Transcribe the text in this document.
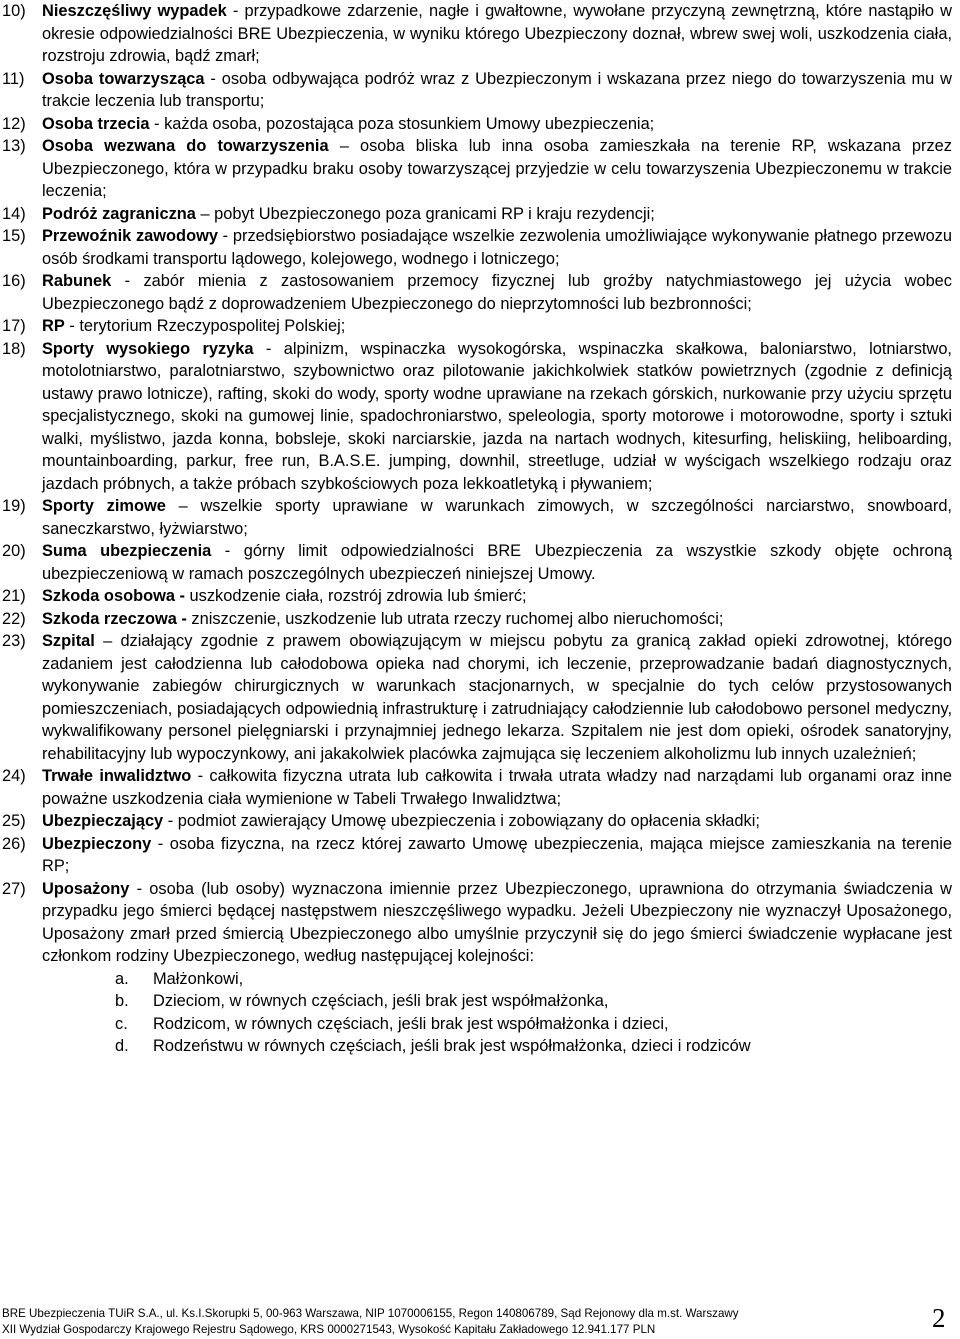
10) Nieszczęśliwy wypadek - przypadkowe zdarzenie, nagłe i gwałtowne, wywołane przyczyną zewnętrzną, które nastąpiło w okresie odpowiedzialności BRE Ubezpieczenia, w wyniku którego Ubezpieczony doznał, wbrew swej woli, uszkodzenia ciała, rozstroju zdrowia, bądź zmarł;
11)	Osoba towarzysząca - osoba odbywająca podróż wraz z Ubezpieczonym i wskazana przez niego do towarzyszenia mu w trakcie leczenia lub transportu;
12) Osoba trzecia - każda osoba, pozostająca poza stosunkiem Umowy ubezpieczenia;
13) Osoba wezwana do towarzyszenia – osoba bliska lub inna osoba zamieszkała na terenie RP, wskazana przez Ubezpieczonego, która w przypadku braku osoby towarzyszącej przyjedzie w celu towarzyszenia Ubezpieczonemu w trakcie leczenia;
14) Podróż zagraniczna – pobyt Ubezpieczonego poza granicami RP i kraju rezydencji;
15) Przewoźnik zawodowy - przedsiębiorstwo posiadające wszelkie zezwolenia umożliwiające wykonywanie płatnego przewozu osób środkami transportu lądowego, kolejowego, wodnego i lotniczego;
16) Rabunek - zabór mienia z zastosowaniem przemocy fizycznej lub groźby natychmiastowego jej użycia wobec Ubezpieczonego bądź z doprowadzeniem Ubezpieczonego do nieprzytomności lub bezbronności;
17) RP - terytorium Rzeczypospolitej Polskiej;
18) Sporty wysokiego ryzyka - alpinizm, wspinaczka wysokogórska, wspinaczka skałkowa, baloniarstwo, lotniarstwo, motolotniarstwo, paralotniarstwo, szybownictwo oraz pilotowanie jakichkolwiek statków powietrznych (zgodnie z definicją ustawy prawo lotnicze), rafting, skoki do wody, sporty wodne uprawiane na rzekach górskich, nurkowanie przy użyciu sprzętu specjalistycznego, skoki na gumowej linie, spadochroniarstwo, speleologia, sporty motorowe i motorowodne, sporty i sztuki walki, myślistwo, jazda konna, bobsleje, skoki narciarskie, jazda na nartach wodnych, kitesurfing, heliskiing, heliboarding, mountainboarding, parkur, free run, B.A.S.E. jumping, downhil, streetluge, udział w wyścigach wszelkiego rodzaju oraz jazdach próbnych, a także próbach szybkościowych poza lekkoatletyką i pływaniem;
19) Sporty zimowe – wszelkie sporty uprawiane w warunkach zimowych, w szczególności narciarstwo, snowboard, saneczkarstwo, łyżwiarstwo;
20) Suma ubezpieczenia - górny limit odpowiedzialności BRE Ubezpieczenia za wszystkie szkody objęte ochroną ubezpieczeniową w ramach poszczególnych ubezpieczeń niniejszej Umowy.
21) Szkoda osobowa - uszkodzenie ciała, rozstrój zdrowia lub śmierć;
22) Szkoda rzeczowa - zniszczenie, uszkodzenie lub utrata rzeczy ruchomej albo nieruchomości;
23) Szpital – działający zgodnie z prawem obowiązującym w miejscu pobytu za granicą zakład opieki zdrowotnej, którego zadaniem jest całodzienna lub całodobowa opieka nad chorymi, ich leczenie, przeprowadzanie badań diagnostycznych, wykonywanie zabiegów chirurgicznych w warunkach stacjonarnych, w specjalnie do tych celów przystosowanych pomieszczeniach, posiadających odpowiednią infrastrukturę i zatrudniający całodziennie lub całodobowo personel medyczny, wykwalifikowany personel pielęgniarski i przynajmniej jednego lekarza. Szpitalem nie jest dom opieki, ośrodek sanatoryjny, rehabilitacyjny lub wypoczynkowy, ani jakakolwiek placówka zajmująca się leczeniem alkoholizmu lub innych uzależnień;
24) Trwałe inwalidztwo - całkowita fizyczna utrata lub całkowita i trwała utrata władzy nad narządami lub organami oraz inne poważne uszkodzenia ciała wymienione w Tabeli Trwałego Inwalidztwa;
25) Ubezpieczający - podmiot zawierający Umowę ubezpieczenia i zobowiązany do opłacenia składki;
26) Ubezpieczony - osoba fizyczna, na rzecz której zawarto Umowę ubezpieczenia, mająca miejsce zamieszkania na terenie RP;
27) Uposażony - osoba (lub osoby) wyznaczona imiennie przez Ubezpieczonego, uprawniona do otrzymania świadczenia w przypadku jego śmierci będącej następstwem nieszczęśliwego wypadku. Jeżeli Ubezpieczony nie wyznaczył Uposażonego, Uposażony zmarł przed śmiercią Ubezpieczonego albo umyślnie przyczynił się do jego śmierci świadczenie wypłacane jest członkom rodziny Ubezpieczonego, według następującej kolejności:
a.	Małżonkowi,
b.	Dzieciom, w równych częściach, jeśli brak jest współmałżonka,
c.	Rodzicom, w równych częściach, jeśli brak jest współmałżonka i dzieci,
d.	Rodzeństwu w równych częściach, jeśli brak jest współmałżonka, dzieci i rodziców
BRE Ubezpieczenia TUiR S.A., ul. Ks.I.Skorupki 5, 00-963 Warszawa, NIP 1070006155, Regon 140806789, Sąd Rejonowy dla m.st. Warszawy
XII Wydział Gospodarczy Krajowego Rejestru Sądowego, KRS 0000271543, Wysokość Kapitału Zakładowego 12.941.177 PLN	2
